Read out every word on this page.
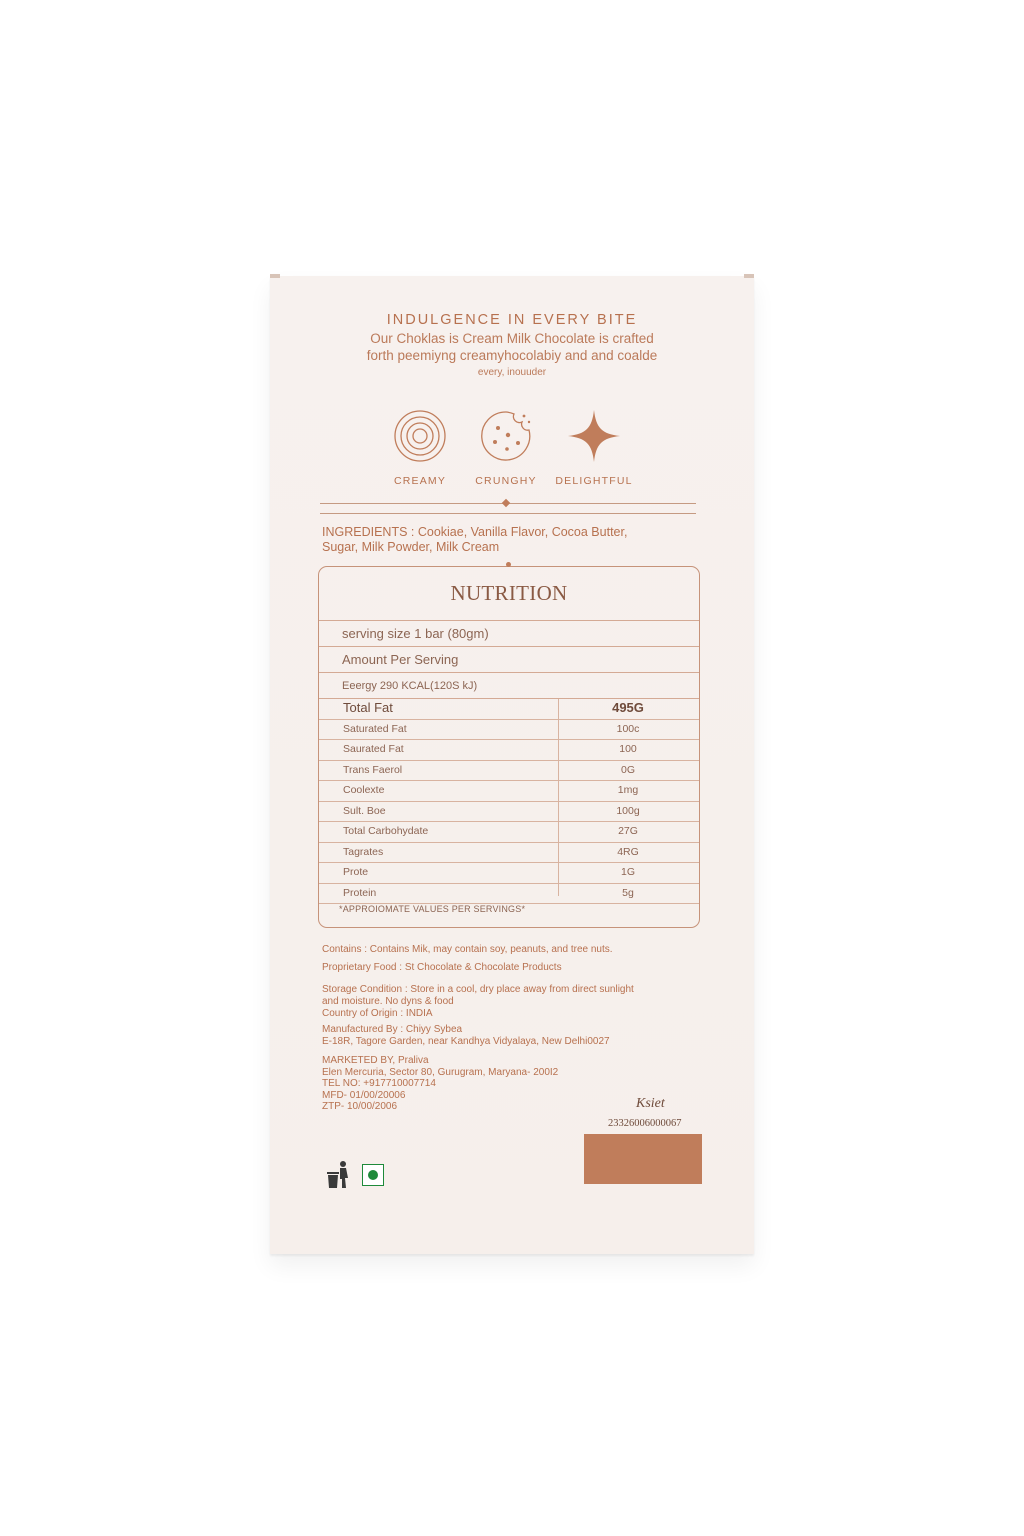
INDULGENCE IN EVERY BITE
Our Choklas is Cream Milk Chocolate is crafted
forth peemiyng creamyhocolabiy and and coalde
every, inouuder
CREAMY	CRUNGHY	DELIGHTFUL
INGREDIENTS : Cookiae, Vanilla Flavor, Cocoa Butter,
Sugar, Milk Powder, Milk Cream
NUTRITION
serving size 1 bar (80gm)
Amount Per Serving
Eeergy 290 KCAL(120S kJ)
Total Fat	495G
Saturated Fat	100c
Saurated Fat	100
Trans Faerol	0G
Coolexte	1mg
Sult. Boe	100g
Total Carbohydate	27G
Tagrates	4RG
Prote	1G
Protein	5g
*APPROIOMATE VALUES PER SERVINGS*
Contains : Contains Mik, may contain soy, peanuts, and tree nuts.
Proprietary Food : St Chocolate & Chocolate Products
Storage Condition : Store in a cool, dry place away from direct sunlight
and moisture. No dyns & food
Country of Origin : INDIA
Manufactured By : Chiyy Sybea
E-18R, Tagore Garden, near Kandhya Vidyalaya, New Delhi0027
MARKETED BY, Praliva
Elen Mercuria, Sector 80, Gurugram, Maryana- 200I2
TEL NO: +917710007714
MFD- 01/00/20006
ZTP- 10/00/2006	Ksiet
23326006000067
